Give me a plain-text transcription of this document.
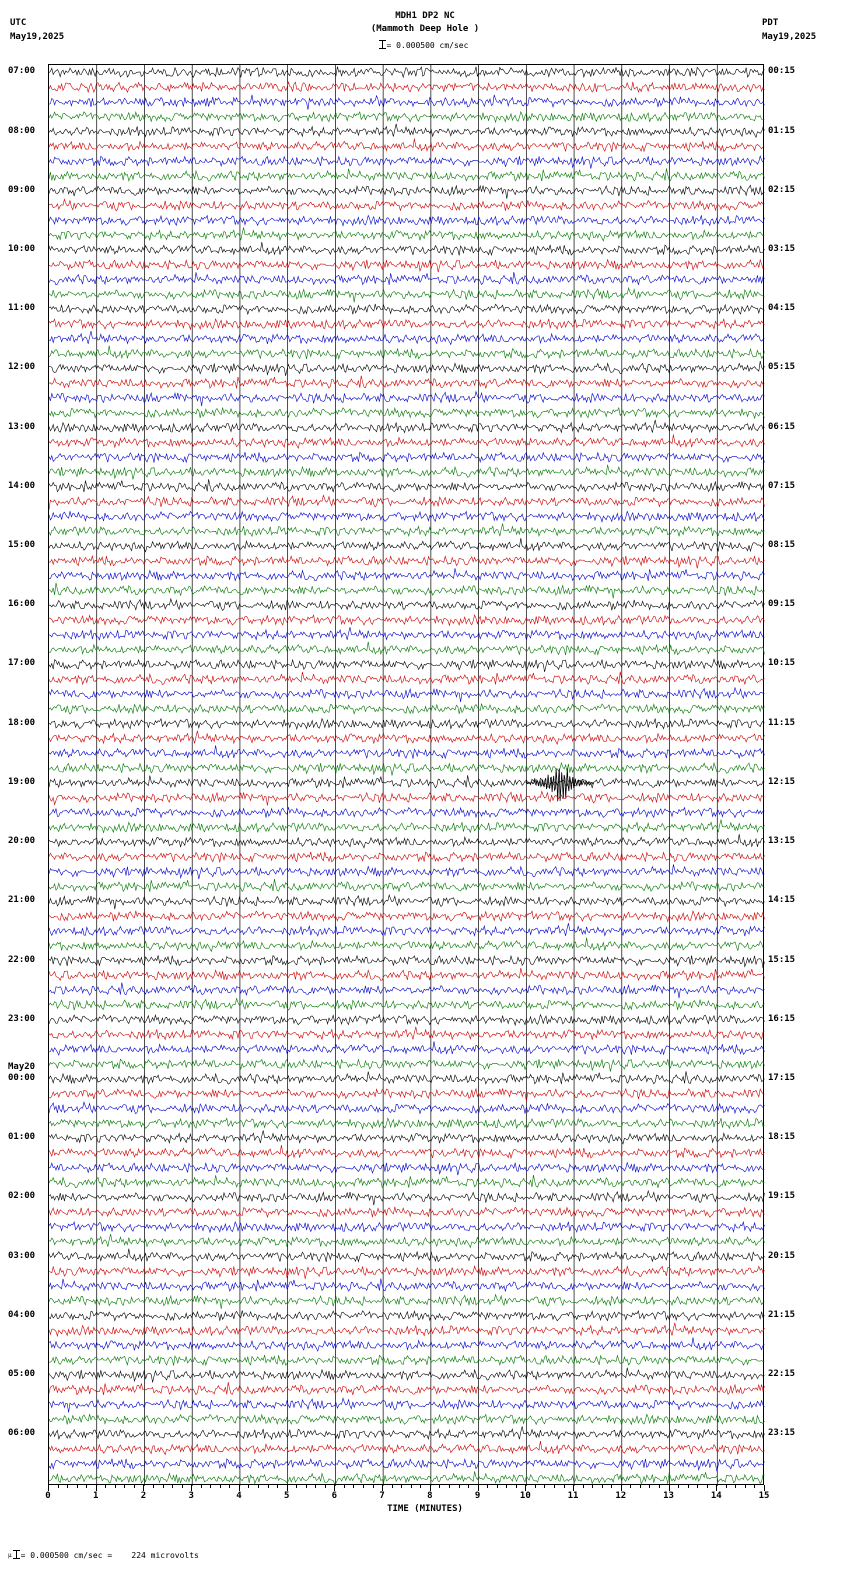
UTC
May19,2025
MDH1 DP2 NC
(Mammoth Deep Hole )
PDT
May19,2025
= 0.000500 cm/sec
07:00
08:00
09:00
10:00
11:00
12:00
13:00
14:00
15:00
16:00
17:00
18:00
19:00
20:00
21:00
22:00
23:00
00:00
01:00
02:00
03:00
04:00
05:00
06:00
May20
00:15
01:15
02:15
03:15
04:15
05:15
06:15
07:15
08:15
09:15
10:15
11:15
12:15
13:15
14:15
15:15
16:15
17:15
18:15
19:15
20:15
21:15
22:15
23:15
0	1	2	3	4	5	6	7	8	9	10	11	12	13	14	15
TIME (MINUTES)
μ = 0.000500 cm/sec = 224 microvolts
